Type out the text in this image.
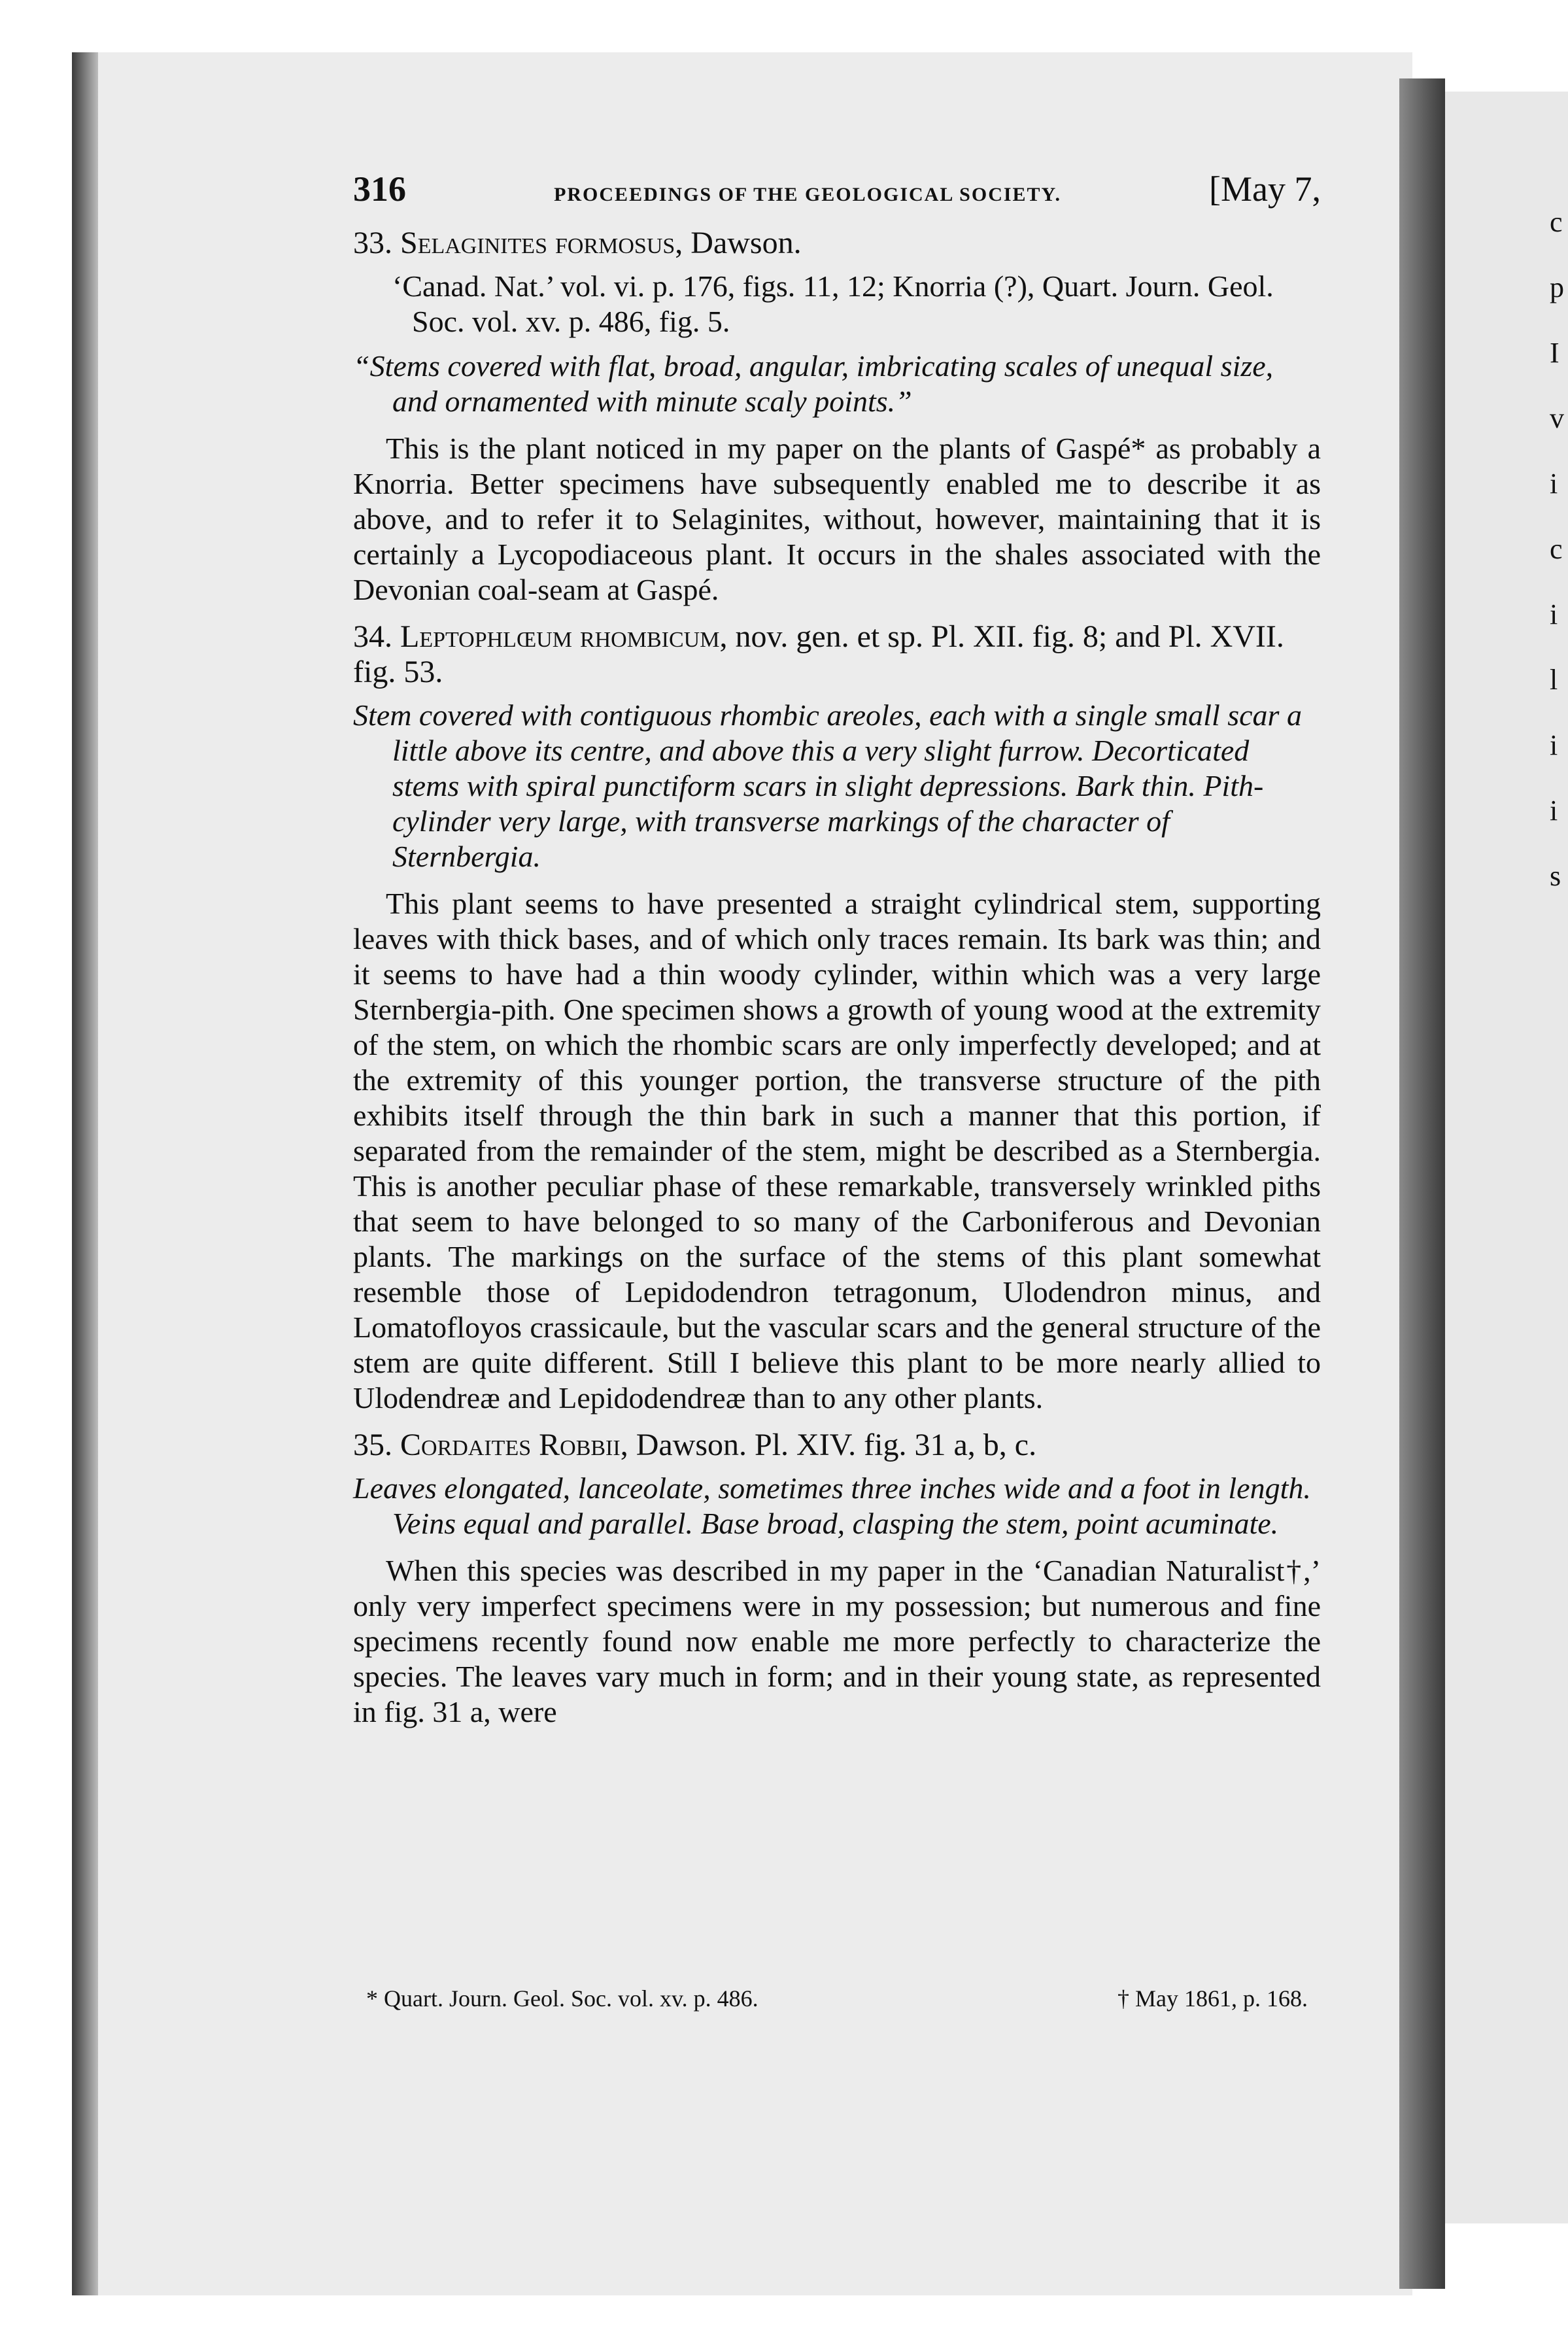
c
p
I
v
i
c
i
l
i
i
s
316	PROCEEDINGS OF THE GEOLOGICAL SOCIETY.	[May 7,
33. Selaginites formosus, Dawson.
‘Canad. Nat.’ vol. vi. p. 176, figs. 11, 12; Knorria (?), Quart. Journ. Geol. Soc. vol. xv. p. 486, fig. 5.
“Stems covered with flat, broad, angular, imbricating scales of unequal size, and ornamented with minute scaly points.”

This is the plant noticed in my paper on the plants of Gaspé* as probably a Knorria. Better specimens have subsequently enabled me to describe it as above, and to refer it to Selaginites, without, however, maintaining that it is certainly a Lycopodiaceous plant. It occurs in the shales associated with the Devonian coal-seam at Gaspé.

34. Leptophlœum rhombicum, nov. gen. et sp. Pl. XII. fig. 8; and Pl. XVII. fig. 53.
Stem covered with contiguous rhombic areoles, each with a single small scar a little above its centre, and above this a very slight furrow. Decorticated stems with spiral punctiform scars in slight depressions. Bark thin. Pith-cylinder very large, with transverse markings of the character of Sternbergia.

This plant seems to have presented a straight cylindrical stem, supporting leaves with thick bases, and of which only traces remain. Its bark was thin; and it seems to have had a thin woody cylinder, within which was a very large Sternbergia-pith. One specimen shows a growth of young wood at the extremity of the stem, on which the rhombic scars are only imperfectly developed; and at the extremity of this younger portion, the transverse structure of the pith exhibits itself through the thin bark in such a manner that this portion, if separated from the remainder of the stem, might be described as a Sternbergia. This is another peculiar phase of these remarkable, transversely wrinkled piths that seem to have belonged to so many of the Carboniferous and Devonian plants. The markings on the surface of the stems of this plant somewhat resemble those of Lepidodendron tetragonum, Ulodendron minus, and Lomatofloyos crassicaule, but the vascular scars and the general structure of the stem are quite different. Still I believe this plant to be more nearly allied to Ulodendreæ and Lepidodendreæ than to any other plants.

35. Cordaites Robbii, Dawson. Pl. XIV. fig. 31 a, b, c.
Leaves elongated, lanceolate, sometimes three inches wide and a foot in length. Veins equal and parallel. Base broad, clasping the stem, point acuminate.

When this species was described in my paper in the ‘Canadian Naturalist†,’ only very imperfect specimens were in my possession; but numerous and fine specimens recently found now enable me more perfectly to characterize the species. The leaves vary much in form; and in their young state, as represented in fig. 31 a, were

* Quart. Journ. Geol. Soc. vol. xv. p. 486.	† May 1861, p. 168.
